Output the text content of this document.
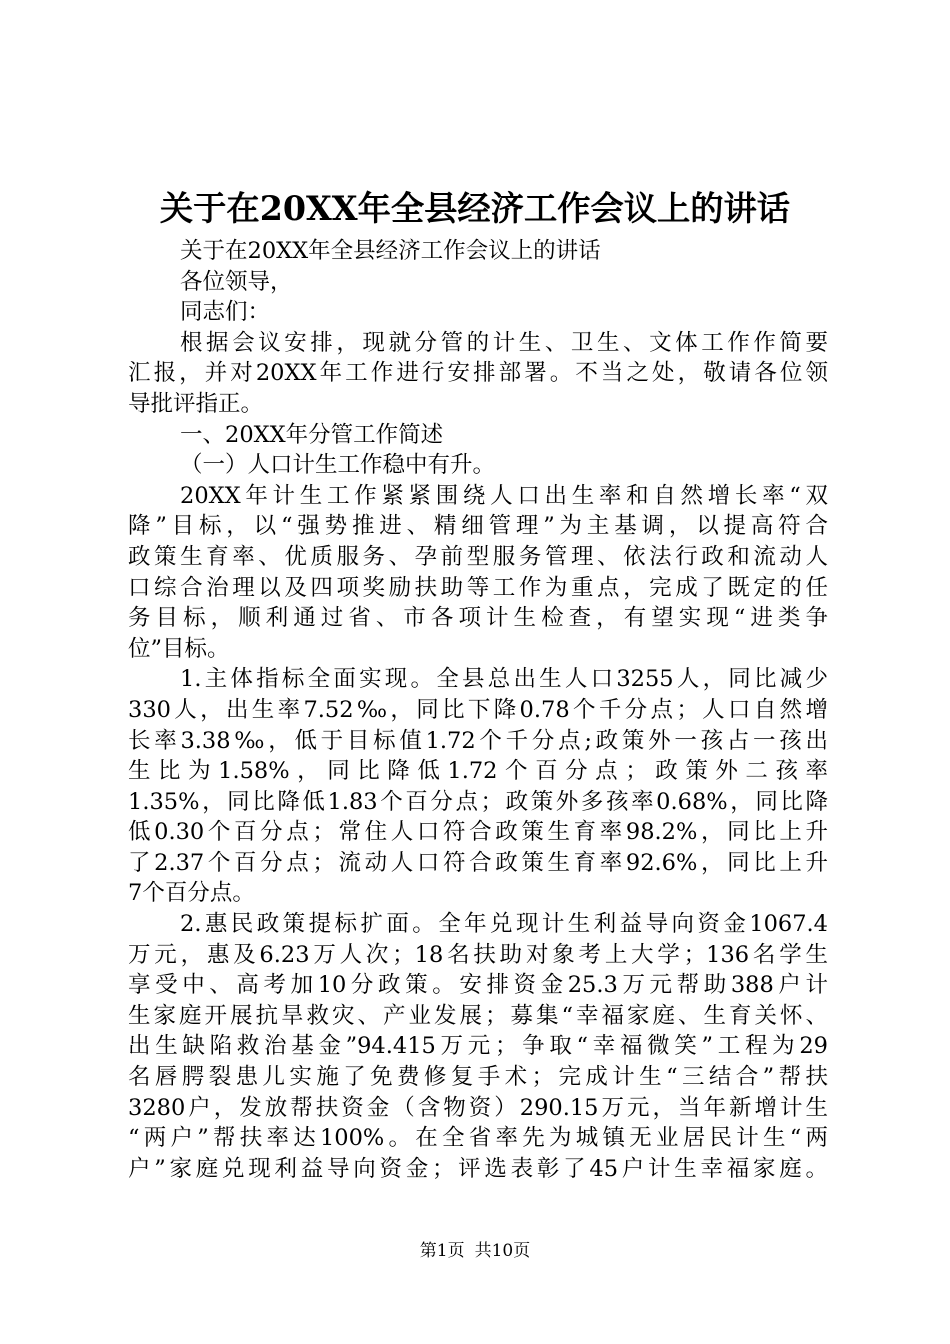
关于在20XX年全县经济工作会议上的讲话
关于在20XX年全县经济工作会议上的讲话
各位领导，
同志们：
根据会议安排，现就分管的计生、卫生、文体工作作简要
汇报，并对20XX年工作进行安排部署。不当之处，敬请各位领
导批评指正。
一、20XX年分管工作简述
（一）人口计生工作稳中有升。
20XX年计生工作紧紧围绕人口出生率和自然增长率“双
降”目标，以“强势推进、精细管理”为主基调，以提高符合
政策生育率、优质服务、孕前型服务管理、依法行政和流动人
口综合治理以及四项奖励扶助等工作为重点，完成了既定的任
务目标，顺利通过省、市各项计生检查，有望实现“进类争
位”目标。
1.主体指标全面实现。全县总出生人口3255人，同比减少
330人，出生率7.52‰，同比下降0.78个千分点；人口自然增
长率3.38‰，低于目标值1.72个千分点;政策外一孩占一孩出
生比为1.58%，同比降低1.72个百分点；政策外二孩率
1.35%，同比降低1.83个百分点；政策外多孩率0.68%，同比降
低0.30个百分点；常住人口符合政策生育率98.2%，同比上升
了2.37个百分点；流动人口符合政策生育率92.6%，同比上升
7个百分点。
2.惠民政策提标扩面。全年兑现计生利益导向资金1067.4
万元，惠及6.23万人次；18名扶助对象考上大学；136名学生
享受中、高考加10分政策。安排资金25.3万元帮助388户计
生家庭开展抗旱救灾、产业发展；募集“幸福家庭、生育关怀、
出生缺陷救治基金”94.415万元；争取“幸福微笑”工程为29
名唇腭裂患儿实施了免费修复手术；完成计生“三结合”帮扶
3280户，发放帮扶资金（含物资）290.15万元，当年新增计生
“两户”帮扶率达100%。在全省率先为城镇无业居民计生“两
户”家庭兑现利益导向资金；评选表彰了45户计生幸福家庭。
第1页 共10页
